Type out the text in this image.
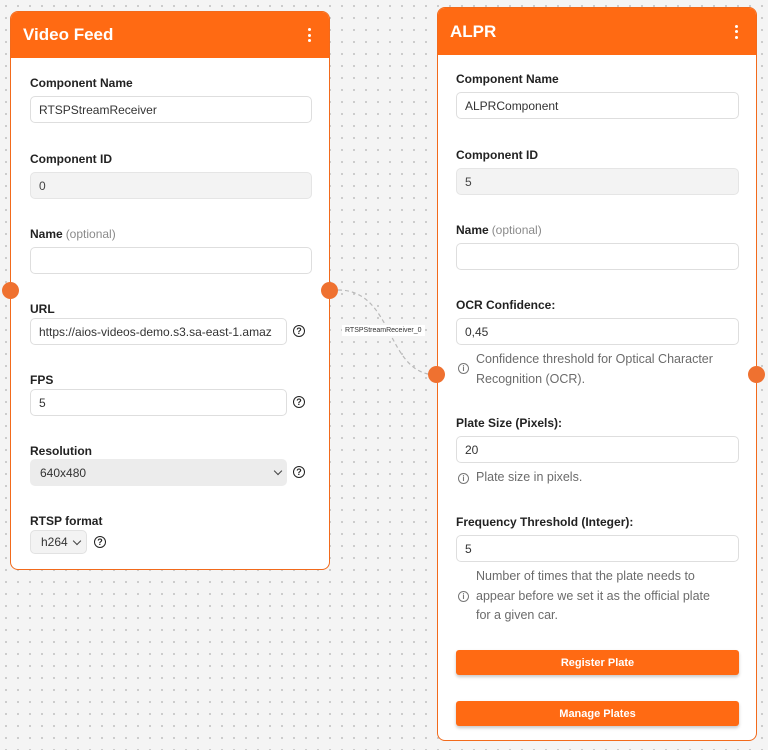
Video Feed
Component Name
RTSPStreamReceiver
Component ID
0
Name (optional)
URL
https://aios-videos-demo.s3.sa-east-1.amaz
?
FPS
5
?
Resolution
640x480	?
RTSP format
h264	?
ALPR
Component Name
ALPRComponent
Component ID
5
Name (optional)
OCR Confidence:
0,45
i
Confidence threshold for Optical Character
Recognition (OCR).
Plate Size (Pixels):
20
i Plate size in pixels.
Frequency Threshold (Integer):
5
i
Number of times that the plate needs to
appear before we set it as the official plate
for a given car.
Register Plate
Manage Plates
RTSPStreamReceiver_0
